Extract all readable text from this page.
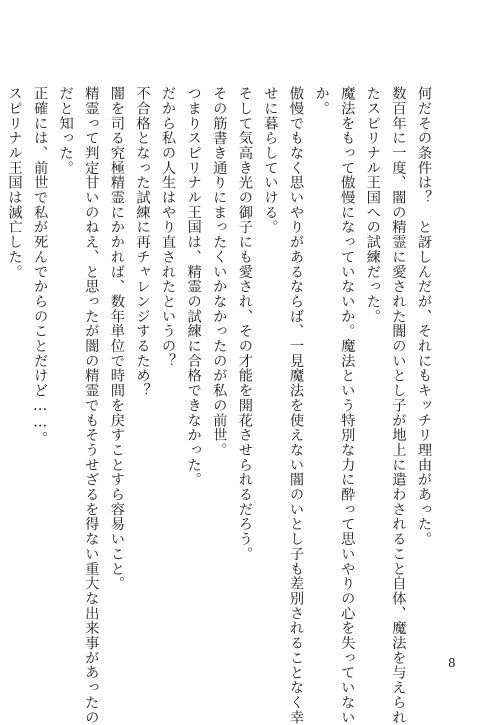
何だその条件は？　と訝しんだが、それにもキッチリ理由があった。

数百年に一度、闇の精霊に愛された闇のいとし子が地上に遣わされること自体、魔法を与えられ

たスピリナル王国への試練だった。

魔法をもって傲慢になっていないか。魔法という特別な力に酔って思いやりの心を失っていない

か。

傲慢でもなく思いやりがあるならば、一見魔法を使えない闇のいとし子も差別されることなく幸

せに暮らしていける。

そして気高き光の御子にも愛され、その才能を開花させられるだろう。

その筋書き通りにまったくいかなかったのが私の前世。

つまりスピリナル王国は、精霊の試練に合格できなかった。

だから私の人生はやり直されたというの？

不合格となった試練に再チャレンジするため？

闇を司る究極精霊にかかれば、数年単位で時間を戻すことすら容易いこと。

精霊って判定甘いのねえ、と思ったが闇の精霊でもそうせざるを得ない重大な出来事があったの

だと知った。

正確には、前世で私が死んでからのことだけど……。

スピリナル王国は滅亡した。

8
